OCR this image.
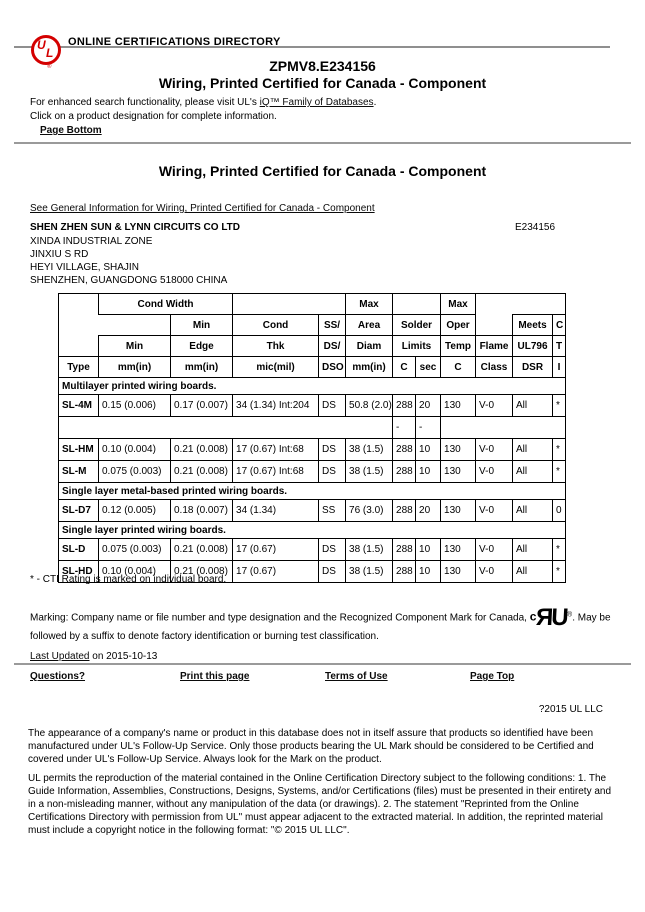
U
L
®
ONLINE CERTIFICATIONS DIRECTORY
ZPMV8.E234156
Wiring, Printed Certified for Canada - Component
For enhanced search functionality, please visit UL's iQ™ Family of Databases.
Click on a product designation for complete information.
Page Bottom
Wiring, Printed Certified for Canada - Component
See General Information for Wiring, Printed Certified for Canada - Component
SHEN ZHEN SUN & LYNN CIRCUITS CO LTD	E234156
XINDA INDUSTRIAL ZONE
JINXIU S RD
HEYI VILLAGE, SHAJIN
SHENZHEN, GUANGDONG 518000 CHINA
	Cond Width				Max			Max			
		Min	Cond	SS/	Area	Solder		Oper		Meets	C
	Min	Edge	Thk	DS/	Diam	Limits		Temp	Flame	UL796	T
Type	mm(in)	mm(in)	mic(mil)	DSO	mm(in)	C	sec	C	Class	DSR	I
Multilayer printed wiring boards.											
SL-4M	0.15 (0.006)	0.17 (0.007)	34 (1.34) Int:204	DS	50.8 (2.0)	288	20	130	V-0	All	*
						-	-				
SL-HM	0.10 (0.004)	0.21 (0.008)	17 (0.67) Int:68	DS	38 (1.5)	288	10	130	V-0	All	*
SL-M	0.075 (0.003)	0.21 (0.008)	17 (0.67) Int:68	DS	38 (1.5)	288	10	130	V-0	All	*
Single layer metal-based printed wiring boards.											
SL-D7	0.12 (0.005)	0.18 (0.007)	34 (1.34)	SS	76 (3.0)	288	20	130	V-0	All	0
Single layer printed wiring boards.											
SL-D	0.075 (0.003)	0.21 (0.008)	17 (0.67)	DS	38 (1.5)	288	10	130	V-0	All	*
SL-HD	0.10 (0.004)	0.21 (0.008)	17 (0.67)	DS	38 (1.5)	288	10	130	V-0	All	*
* - CTI Rating is marked on individual board.
Marking: Company name or file number and type designation and the Recognized Component Mark for Canada, cЯU®. May be followed by a suffix to denote factory identification or burning test classification.
Last Updated on 2015-10-13
Questions?	Print this page	Terms of Use	Page Top
?2015 UL LLC
The appearance of a company's name or product in this database does not in itself assure that products so identified have been manufactured under UL's Follow-Up Service. Only those products bearing the UL Mark should be considered to be Certified and covered under UL's Follow-Up Service. Always look for the Mark on the product.
UL permits the reproduction of the material contained in the Online Certification Directory subject to the following conditions: 1. The Guide Information, Assemblies, Constructions, Designs, Systems, and/or Certifications (files) must be presented in their entirety and in a non-misleading manner, without any manipulation of the data (or drawings). 2. The statement "Reprinted from the Online Certifications Directory with permission from UL" must appear adjacent to the extracted material. In addition, the reprinted material must include a copyright notice in the following format: "© 2015 UL LLC".
